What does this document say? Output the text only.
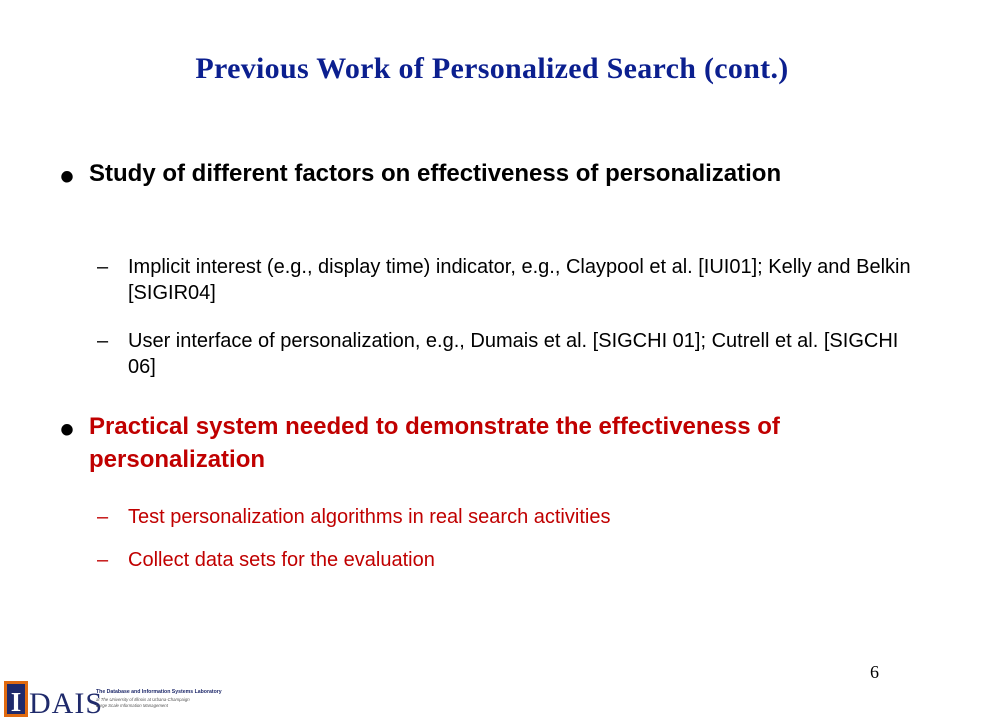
Previous Work of Personalized Search (cont.)
• Study of different factors on effectiveness of personalization
– Implicit interest (e.g., display time) indicator, e.g., Claypool et al. [IUI01]; Kelly and Belkin [SIGIR04]
– User interface of personalization, e.g., Dumais et al. [SIGCHI 01]; Cutrell et al. [SIGCHI 06]
• Practical system needed to demonstrate the effectiveness of personalization
– Test personalization algorithms in real search activities
– Collect data sets for the evaluation
I DAIS
The Database and Information Systems Laboratory
at The University of Illinois at Urbana-Champaign
Large Scale Information Management
6
